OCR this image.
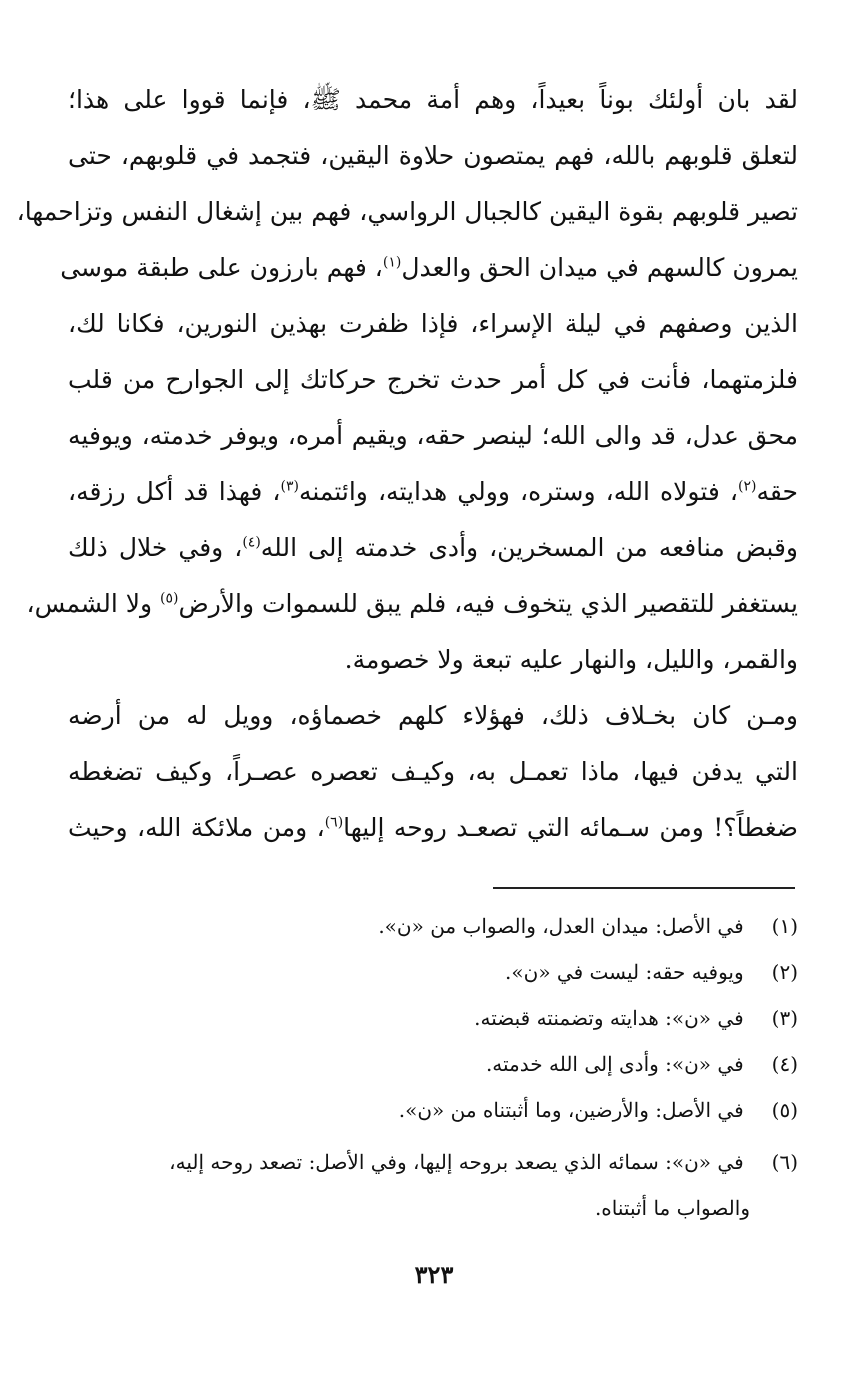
لقد بان أولئك بوناً بعيداً، وهم أمة محمد ﷺ، فإنما قووا على هذا؛
لتعلق قلوبهم بالله، فهم يمتصون حلاوة اليقين، فتجمد في قلوبهم، حتى
تصير قلوبهم بقوة اليقين كالجبال الرواسي، فهم بين إشغال النفس وتزاحمها،
يمرون كالسهم في ميدان الحق والعدل$^{(١)}$، فهم بارزون على طبقة موسى
الذين وصفهم في ليلة الإسراء، فإذا ظفرت بهذين النورين، فكانا لك،
فلزمتهما، فأنت في كل أمر حدث تخرج حركاتك إلى الجوارح من قلب
محق عدل، قد والى الله؛ لينصر حقه، ويقيم أمره، ويوفر خدمته، ويوفيه
حقه$^{(٢)}$، فتولاه الله، وستره، وولي هدايته، وائتمنه$^{(٣)}$، فهذا قد أكل رزقه،
وقبض منافعه من المسخرين، وأدى خدمته إلى الله$^{(٤)}$، وفي خلال ذلك
يستغفر للتقصير الذي يتخوف فيه، فلم يبق للسموات والأرض$^{(٥)}$ ولا الشمس،
والقمر، والليل، والنهار عليه تبعة ولا خصومة.
ومـن كان بخـلاف ذلك، فهؤلاء كلهم خصماؤه، وويل له من أرضه
التي يدفن فيها، ماذا تعمـل به، وكيـف تعصره عصـراً، وكيف تضغطه
ضغطاً؟! ومن سـمائه التي تصعـد روحه إليها$^{(٦)}$، ومن ملائكة الله، وحيث
(١) في الأصل: ميدان العدل، والصواب من «ن».
(٢) ويوفيه حقه: ليست في «ن».
(٣) في «ن»: هدايته وتضمنته قبضته.
(٤) في «ن»: وأدى إلى الله خدمته.
(٥) في الأصل: والأرضين، وما أثبتناه من «ن».
(٦) في «ن»: سمائه الذي يصعد بروحه إليها، وفي الأصل: تصعد روحه إليه،
والصواب ما أثبتناه.
٣٢٣
